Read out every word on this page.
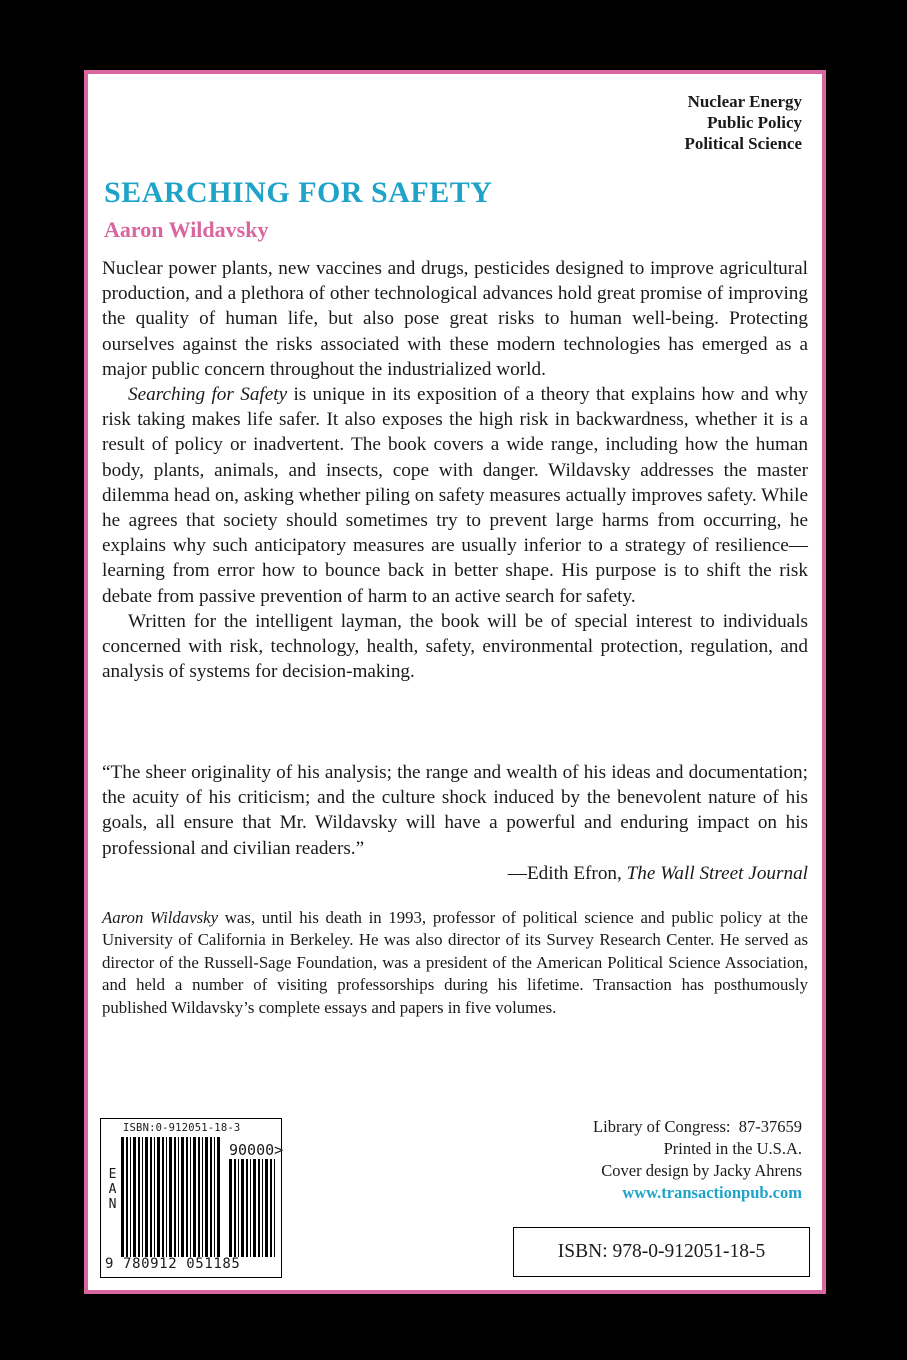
Nuclear Energy
Public Policy
Political Science
SEARCHING FOR SAFETY
Aaron Wildavsky

Nuclear power plants, new vaccines and drugs, pesticides designed to improve agricultural production, and a plethora of other technological advances hold great promise of improving the quality of human life, but also pose great risks to human well-being. Protecting ourselves against the risks associated with these modern technologies has emerged as a major public concern throughout the industrialized world.

Searching for Safety is unique in its exposition of a theory that explains how and why risk taking makes life safer. It also exposes the high risk in backwardness, whether it is a result of policy or inadvertent. The book covers a wide range, including how the human body, plants, animals, and insects, cope with danger. Wildavsky addresses the master dilemma head on, asking whether piling on safety measures actually improves safety. While he agrees that society should sometimes try to prevent large harms from occurring, he explains why such anticipatory measures are usually inferior to a strategy of resilience—learning from error how to bounce back in better shape. His purpose is to shift the risk debate from passive prevention of harm to an active search for safety.

Written for the intelligent layman, the book will be of special interest to individuals concerned with risk, technology, health, safety, environmental protection, regulation, and analysis of systems for decision-making.

“The sheer originality of his analysis; the range and wealth of his ideas and documentation; the acuity of his criticism; and the culture shock induced by the benevolent nature of his goals, all ensure that Mr. Wildavsky will have a powerful and enduring impact on his professional and civilian readers.”

—Edith Efron, The Wall Street Journal

Aaron Wildavsky was, until his death in 1993, professor of political science and public policy at the University of California in Berkeley. He was also director of its Survey Research Center. He served as director of the Russell-Sage Foundation, was a president of the American Political Science Association, and held a number of visiting professorships during his lifetime. Transaction has posthumously published Wildavsky’s complete essays and papers in five volumes.

ISBN:0-912051-18-3
EAN
90000>
9 780912 051185
Library of Congress:  87-37659
Printed in the U.S.A.
Cover design by Jacky Ahrens
www.transactionpub.com
ISBN: 978-0-912051-18-5
